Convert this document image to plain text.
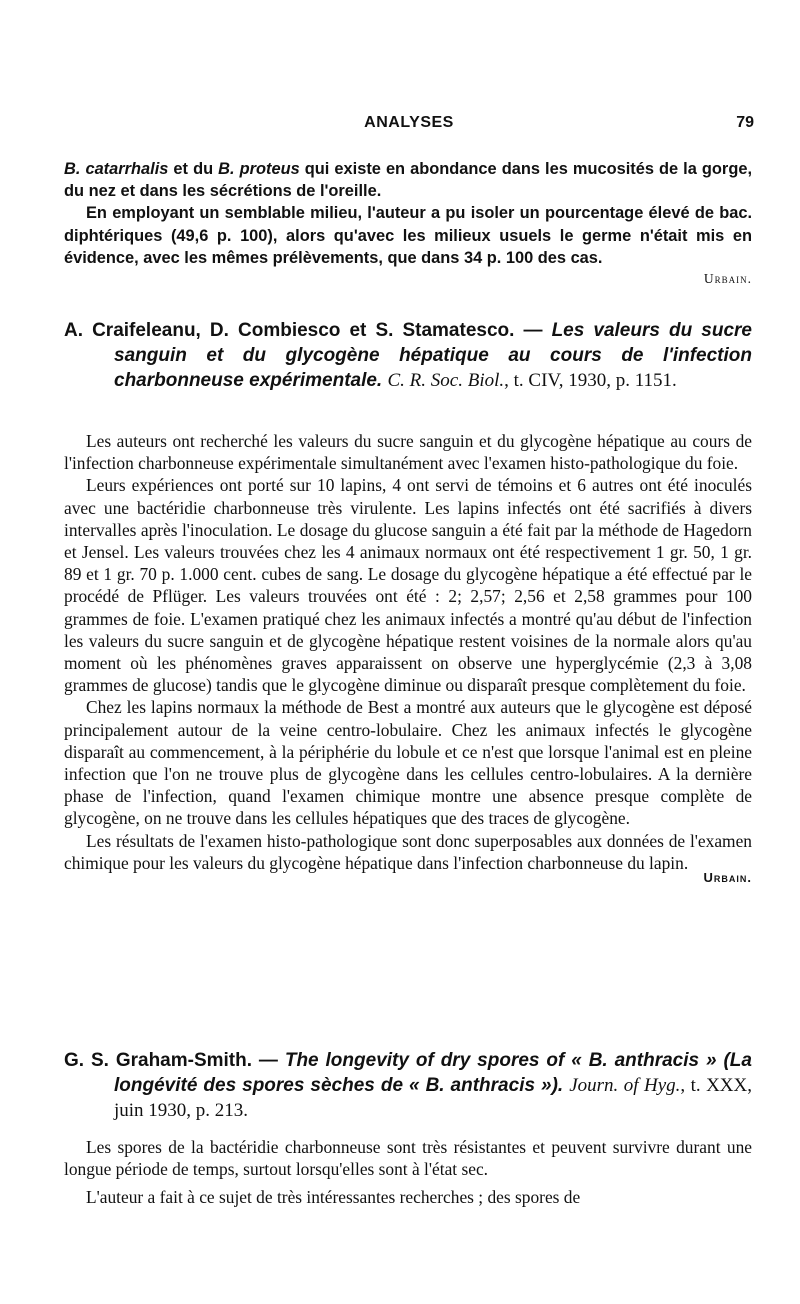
ANALYSES	79

B. catarrhalis et du B. proteus qui existe en abondance dans les mucosités de la gorge, du nez et dans les sécrétions de l'oreille.

En employant un semblable milieu, l'auteur a pu isoler un pourcentage élevé de bac. diphtériques (49,6 p. 100), alors qu'avec les milieux usuels le germe n'était mis en évidence, avec les mêmes prélèvements, que dans 34 p. 100 des cas.

Urbain.

A. Craifeleanu, D. Combiesco et S. Stamatesco. — Les valeurs du sucre sanguin et du glycogène hépatique au cours de l'infection charbonneuse expérimentale. C. R. Soc. Biol., t. CIV, 1930, p. 1151.

Les auteurs ont recherché les valeurs du sucre sanguin et du glycogène hépatique au cours de l'infection charbonneuse expérimentale simultanément avec l'examen histo-pathologique du foie.

Leurs expériences ont porté sur 10 lapins, 4 ont servi de témoins et 6 autres ont été inoculés avec une bactéridie charbonneuse très virulente. Les lapins infectés ont été sacrifiés à divers intervalles après l'inoculation. Le dosage du glucose sanguin a été fait par la méthode de Hagedorn et Jensel. Les valeurs trouvées chez les 4 animaux normaux ont été respectivement 1 gr. 50, 1 gr. 89 et 1 gr. 70 p. 1.000 cent. cubes de sang. Le dosage du glycogène hépatique a été effectué par le procédé de Pflüger. Les valeurs trouvées ont été : 2; 2,57; 2,56 et 2,58 grammes pour 100 grammes de foie. L'examen pratiqué chez les animaux infectés a montré qu'au début de l'infection les valeurs du sucre sanguin et de glycogène hépatique restent voisines de la normale alors qu'au moment où les phénomènes graves apparaissent on observe une hyperglycémie (2,3 à 3,08 grammes de glucose) tandis que le glycogène diminue ou disparaît presque complètement du foie.

Chez les lapins normaux la méthode de Best a montré aux auteurs que le glycogène est déposé principalement autour de la veine centro-lobulaire. Chez les animaux infectés le glycogène disparaît au commencement, à la périphérie du lobule et ce n'est que lorsque l'animal est en pleine infection que l'on ne trouve plus de glycogène dans les cellules centro-lobulaires. A la dernière phase de l'infection, quand l'examen chimique montre une absence presque complète de glycogène, on ne trouve dans les cellules hépatiques que des traces de glycogène.

Les résultats de l'examen histo-pathologique sont donc superposables aux données de l'examen chimique pour les valeurs du glycogène hépatique dans l'infection charbonneuse du lapin.

Urbain.

G. S. Graham-Smith. — The longevity of dry spores of « B. anthracis » (La longévité des spores sèches de « B. anthracis »). Journ. of Hyg., t. XXX, juin 1930, p. 213.

Les spores de la bactéridie charbonneuse sont très résistantes et peuvent survivre durant une longue période de temps, surtout lorsqu'elles sont à l'état sec.

L'auteur a fait à ce sujet de très intéressantes recherches ; des spores de
